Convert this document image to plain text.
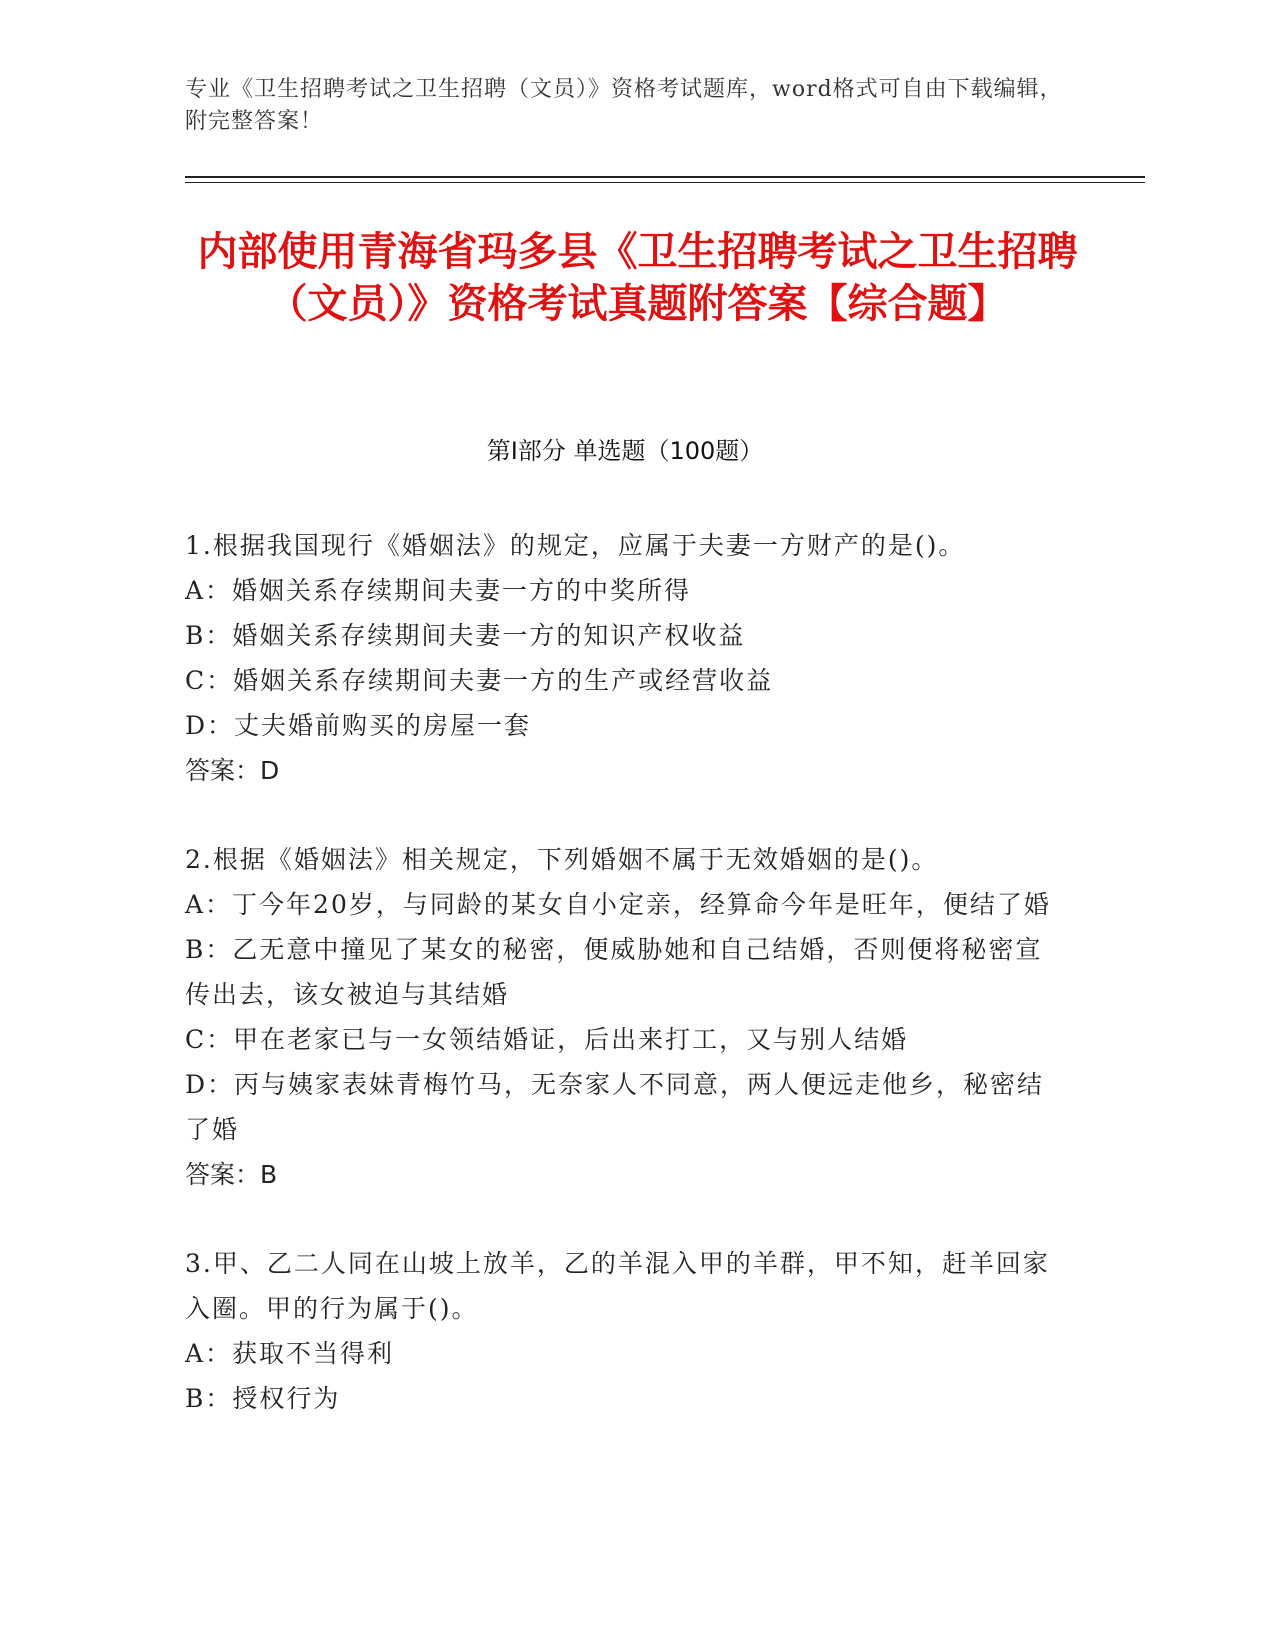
专业《卫生招聘考试之卫生招聘（文员）》资格考试题库，word格式可自由下载编辑，附完整答案！
内部使用青海省玛多县《卫生招聘考试之卫生招聘（文员）》资格考试真题附答案【综合题】
第Ⅰ部分 单选题（100题）

1.根据我国现行《婚姻法》的规定，应属于夫妻一方财产的是()。

A：婚姻关系存续期间夫妻一方的中奖所得

B：婚姻关系存续期间夫妻一方的知识产权收益

C：婚姻关系存续期间夫妻一方的生产或经营收益

D：丈夫婚前购买的房屋一套

答案：D

2.根据《婚姻法》相关规定，下列婚姻不属于无效婚姻的是()。

A：丁今年20岁，与同龄的某女自小定亲，经算命今年是旺年，便结了婚

B：乙无意中撞见了某女的秘密，便威胁她和自己结婚，否则便将秘密宣传出去，该女被迫与其结婚

C：甲在老家已与一女领结婚证，后出来打工，又与别人结婚

D：丙与姨家表妹青梅竹马，无奈家人不同意，两人便远走他乡，秘密结了婚

答案：B

3.甲、乙二人同在山坡上放羊，乙的羊混入甲的羊群，甲不知，赶羊回家入圈。甲的行为属于()。

A：获取不当得利

B：授权行为
